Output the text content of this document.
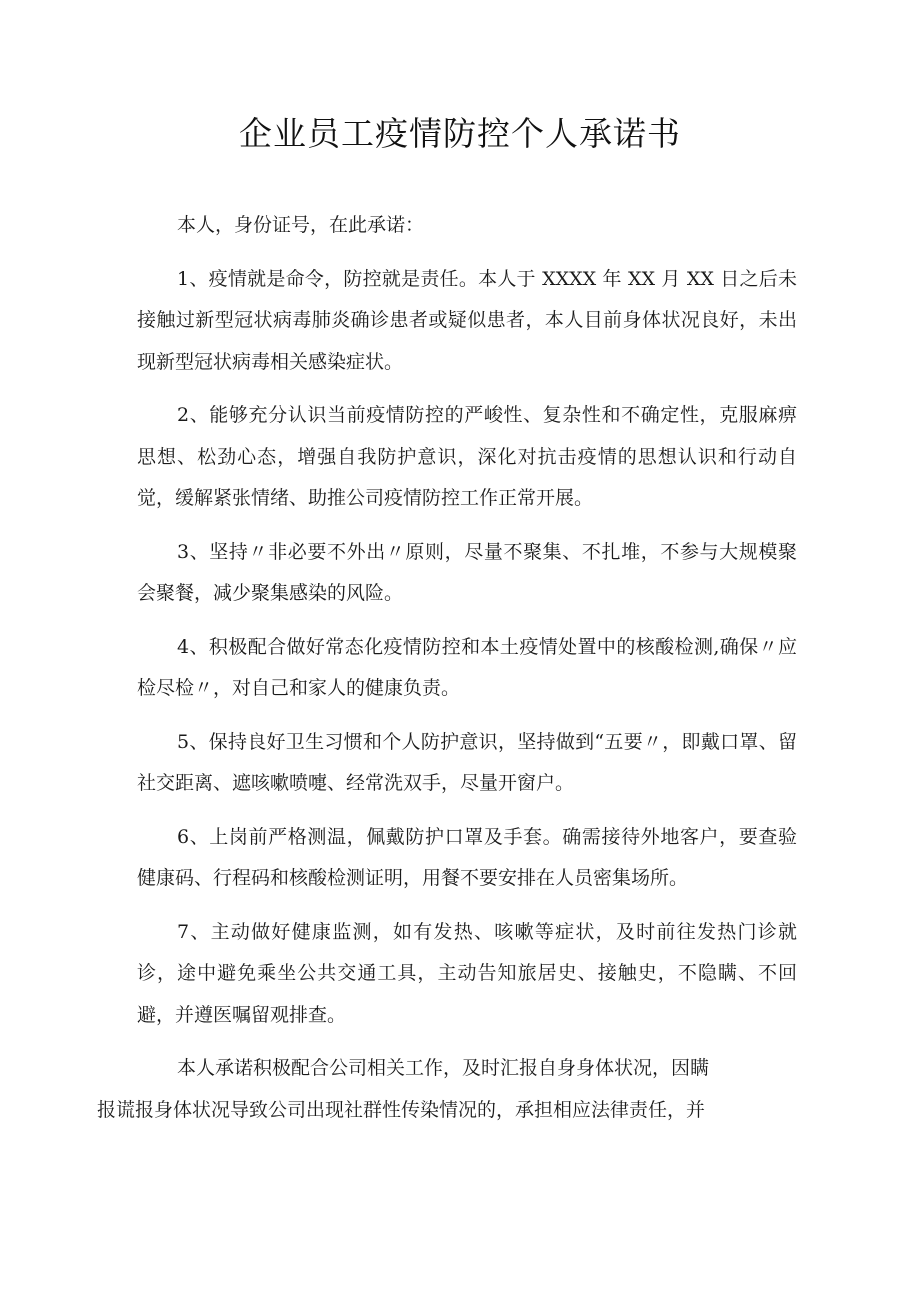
企业员工疫情防控个人承诺书

本人，身份证号，在此承诺：

1、疫情就是命令，防控就是责任。本人于 XXXX 年 XX 月 XX 日之后未接触过新型冠状病毒肺炎确诊患者或疑似患者，本人目前身体状况良好，未出现新型冠状病毒相关感染症状。

2、能够充分认识当前疫情防控的严峻性、复杂性和不确定性，克服麻痹思想、松劲心态，增强自我防护意识，深化对抗击疫情的思想认识和行动自觉，缓解紧张情绪、助推公司疫情防控工作正常开展。

3、坚持〃非必要不外出〃原则，尽量不聚集、不扎堆，不参与大规模聚会聚餐，减少聚集感染的风险。

4、积极配合做好常态化疫情防控和本土疫情处置中的核酸检测,确保〃应检尽检〃，对自己和家人的健康负责。

5、保持良好卫生习惯和个人防护意识，坚持做到“五要〃，即戴口罩、留社交距离、遮咳嗽喷嚏、经常洗双手，尽量开窗户。

6、上岗前严格测温，佩戴防护口罩及手套。确需接待外地客户，要查验健康码、行程码和核酸检测证明，用餐不要安排在人员密集场所。

7、主动做好健康监测，如有发热、咳嗽等症状，及时前往发热门诊就诊，途中避免乘坐公共交通工具，主动告知旅居史、接触史，不隐瞒、不回避，并遵医嘱留观排查。

本人承诺积极配合公司相关工作，及时汇报自身身体状况，因瞒
报谎报身体状况导致公司出现社群性传染情况的，承担相应法律责任，并
